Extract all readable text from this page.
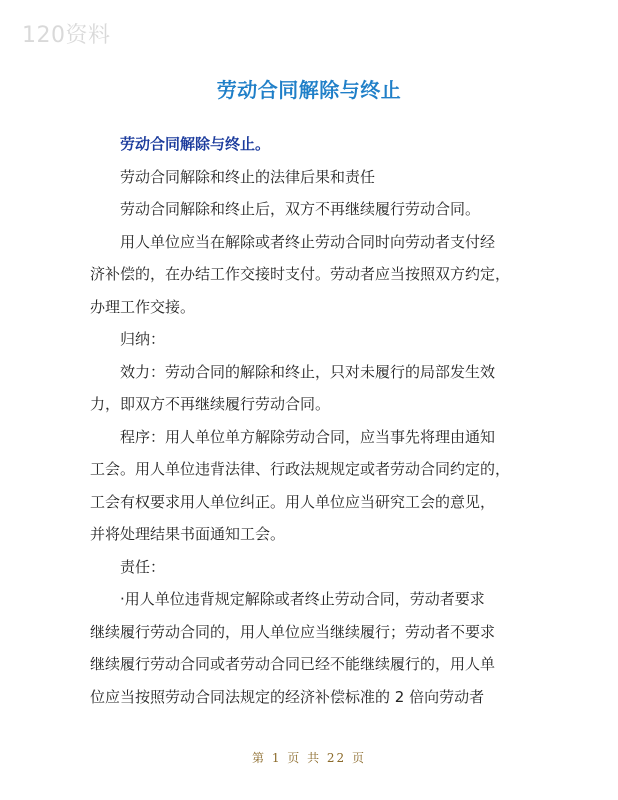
120资料
劳动合同解除与终止
劳动合同解除与终止。
劳动合同解除和终止的法律后果和责任
劳动合同解除和终止后，双方不再继续履行劳动合同。
用人单位应当在解除或者终止劳动合同时向劳动者支付经
济补偿的，在办结工作交接时支付。劳动者应当按照双方约定，
办理工作交接。
归纳：
效力：劳动合同的解除和终止，只对未履行的局部发生效
力，即双方不再继续履行劳动合同。
程序：用人单位单方解除劳动合同，应当事先将理由通知
工会。用人单位违背法律、行政法规规定或者劳动合同约定的，
工会有权要求用人单位纠正。用人单位应当研究工会的意见，
并将处理结果书面通知工会。
责任：
·用人单位违背规定解除或者终止劳动合同，劳动者要求
继续履行劳动合同的，用人单位应当继续履行；劳动者不要求
继续履行劳动合同或者劳动合同已经不能继续履行的，用人单
位应当按照劳动合同法规定的经济补偿标准的 2 倍向劳动者
第 1 页 共 22 页
